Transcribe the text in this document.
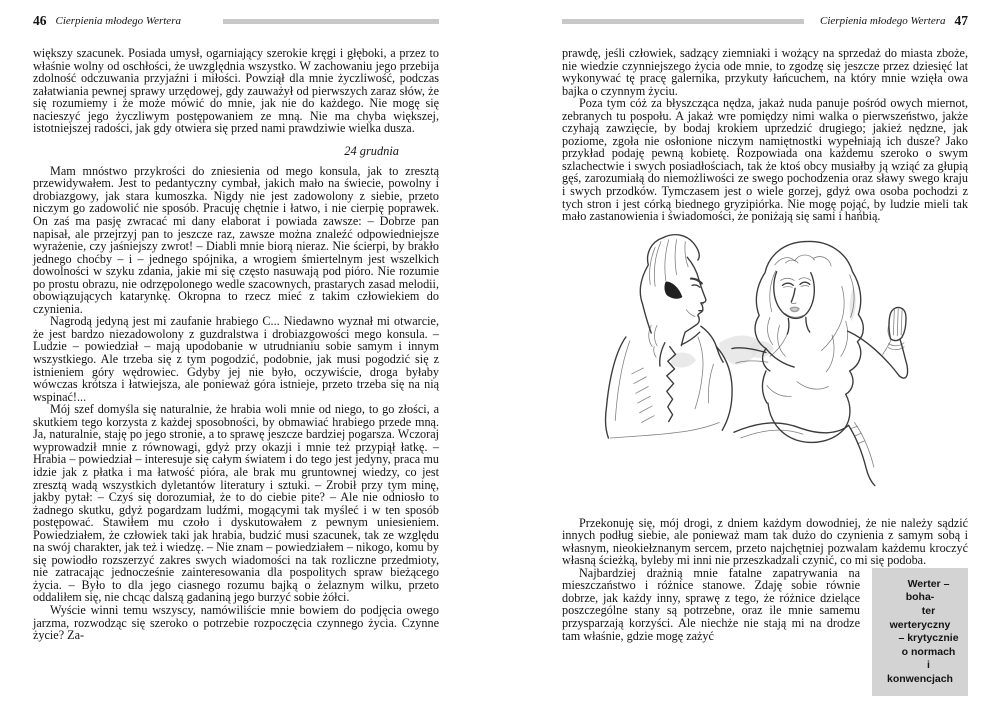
46 Cierpienia młodego Wertera

większy szacunek. Posiada umysł, ogarniający szerokie kręgi i głęboki, a przez to właśnie wolny od oschłości, że uwzględnia wszystko. W zachowaniu jego przebija zdolność odczuwania przyjaźni i miłości. Powziął dla mnie życzliwość, podczas załatwiania pewnej sprawy urzędowej, gdy zauważył od pierwszych zaraz słów, że się rozumiemy i że może mówić do mnie, jak nie do każdego. Nie mogę się nacieszyć jego życzliwym postępowaniem ze mną. Nie ma chyba większej, istotniejszej radości, jak gdy otwiera się przed nami prawdziwie wielka dusza.

24 grudnia

Mam mnóstwo przykrości do zniesienia od mego konsula, jak to zresztą przewidywałem. Jest to pedantyczny cymbał, jakich mało na świecie, powolny i drobiazgowy, jak stara kumoszka. Nigdy nie jest zadowolony z siebie, przeto niczym go zadowolić nie sposób. Pracuję chętnie i łatwo, i nie cierpię poprawek. On zaś ma pasję zwracać mi dany elaborat i powiada zawsze: – Dobrze pan napisał, ale przejrzyj pan to jeszcze raz, zawsze można znaleźć odpowiedniejsze wyrażenie, czy jaśniejszy zwrot! – Diabli mnie biorą nieraz. Nie ścierpi, by brakło jednego choćby – i – jednego spójnika, a wrogiem śmiertelnym jest wszelkich dowolności w szyku zdania, jakie mi się często nasuwają pod pióro. Nie rozumie po prostu obrazu, nie odrzępolonego wedle szacownych, prastarych zasad melodii, obowiązujących katarynkę. Okropna to rzecz mieć z takim człowiekiem do czynienia.

Nagrodą jedyną jest mi zaufanie hrabiego C... Niedawno wyznał mi otwarcie, że jest bardzo niezadowolony z guzdralstwa i drobiazgowości mego konsula. – Ludzie – powiedział – mają upodobanie w utrudnianiu sobie samym i innym wszystkiego. Ale trzeba się z tym pogodzić, podobnie, jak musi pogodzić się z istnieniem góry wędrowiec. Gdyby jej nie było, oczywiście, droga byłaby wówczas krótsza i łatwiejsza, ale ponieważ góra istnieje, przeto trzeba się na nią wspinać!...

Mój szef domyśla się naturalnie, że hrabia woli mnie od niego, to go złości, a skutkiem tego korzysta z każdej sposobności, by obmawiać hrabiego przede mną. Ja, naturalnie, staję po jego stronie, a to sprawę jeszcze bardziej pogarsza. Wczoraj wyprowadził mnie z równowagi, gdyż przy okazji i mnie też przypiął łatkę. – Hrabia – powiedział – interesuje się całym światem i do tego jest jedyny, praca mu idzie jak z płatka i ma łatwość pióra, ale brak mu gruntownej wiedzy, co jest zresztą wadą wszystkich dyletantów literatury i sztuki. – Zrobił przy tym minę, jakby pytał: – Czyś się dorozumiał, że to do ciebie pite? – Ale nie odniosło to żadnego skutku, gdyż pogardzam ludźmi, mogącymi tak myśleć i w ten sposób postępować. Stawiłem mu czoło i dyskutowałem z pewnym uniesieniem. Powiedziałem, że człowiek taki jak hrabia, budzić musi szacunek, tak ze względu na swój charakter, jak też i wiedzę. – Nie znam – powiedziałem – nikogo, komu by się powiodło rozszerzyć zakres swych wiadomości na tak rozliczne przedmioty, nie zatracając jednocześnie zainteresowania dla pospolitych spraw bieżącego życia. – Było to dla jego ciasnego rozumu bajką o żelaznym wilku, przeto oddaliłem się, nie chcąc dalszą gadaniną jego burzyć sobie żółci.

Wyście winni temu wszyscy, namówiliście mnie bowiem do podjęcia owego jarzma, rozwodząc się szeroko o potrzebie rozpoczęcia czynnego życia. Czynne życie? Za-

Cierpienia młodego Wertera 47

prawdę, jeśli człowiek, sadzący ziemniaki i wożący na sprzedaż do miasta zboże, nie wiedzie czynniejszego życia ode mnie, to zgodzę się jeszcze przez dziesięć lat wykonywać tę pracę galernika, przykuty łańcuchem, na który mnie wzięła owa bajka o czynnym życiu.

Poza tym cóż za błyszcząca nędza, jakaż nuda panuje pośród owych miernot, zebranych tu pospołu. A jakaż wre pomiędzy nimi walka o pierwszeństwo, jakże czyhają zawzięcie, by bodaj krokiem uprzedzić drugiego; jakież nędzne, jak poziome, zgoła nie osłonione niczym namiętnostki wypełniają ich dusze? Jako przykład podaję pewną kobietę. Rozpowiada ona każdemu szeroko o swym szlachectwie i swych posiadłościach, tak że ktoś obcy musiałby ją wziąć za głupią gęś, zarozumiałą do niemożliwości ze swego pochodzenia oraz sławy swego kraju i swych przodków. Tymczasem jest o wiele gorzej, gdyż owa osoba pochodzi z tych stron i jest córką biednego gryzipiórka. Nie mogę pojąć, by ludzie mieli tak mało zastanowienia i świadomości, że poniżają się sami i hańbią.

Przekonuję się, mój drogi, z dniem każdym dowodniej, że nie należy sądzić innych podług siebie, ale ponieważ mam tak dużo do czynienia z samym sobą i własnym, nieokiełznanym sercem, przeto najchętniej pozwalam każdemu kroczyć własną ścieżką, byleby mi inni nie przeszkadzali czynić, co mi się podoba.

Werter – boha-
ter werteryczny
– krytycznie
o normach
i konwencjach
Najbardziej drażnią mnie fatalne zapatrywania na mieszczaństwo i różnice stanowe. Zdaję sobie równie dobrze, jak każdy inny, sprawę z tego, że różnice dzielące poszczególne stany są potrzebne, oraz ile mnie samemu przysparzają korzyści. Ale niechże nie stają mi na drodze tam właśnie, gdzie mogę zażyć
